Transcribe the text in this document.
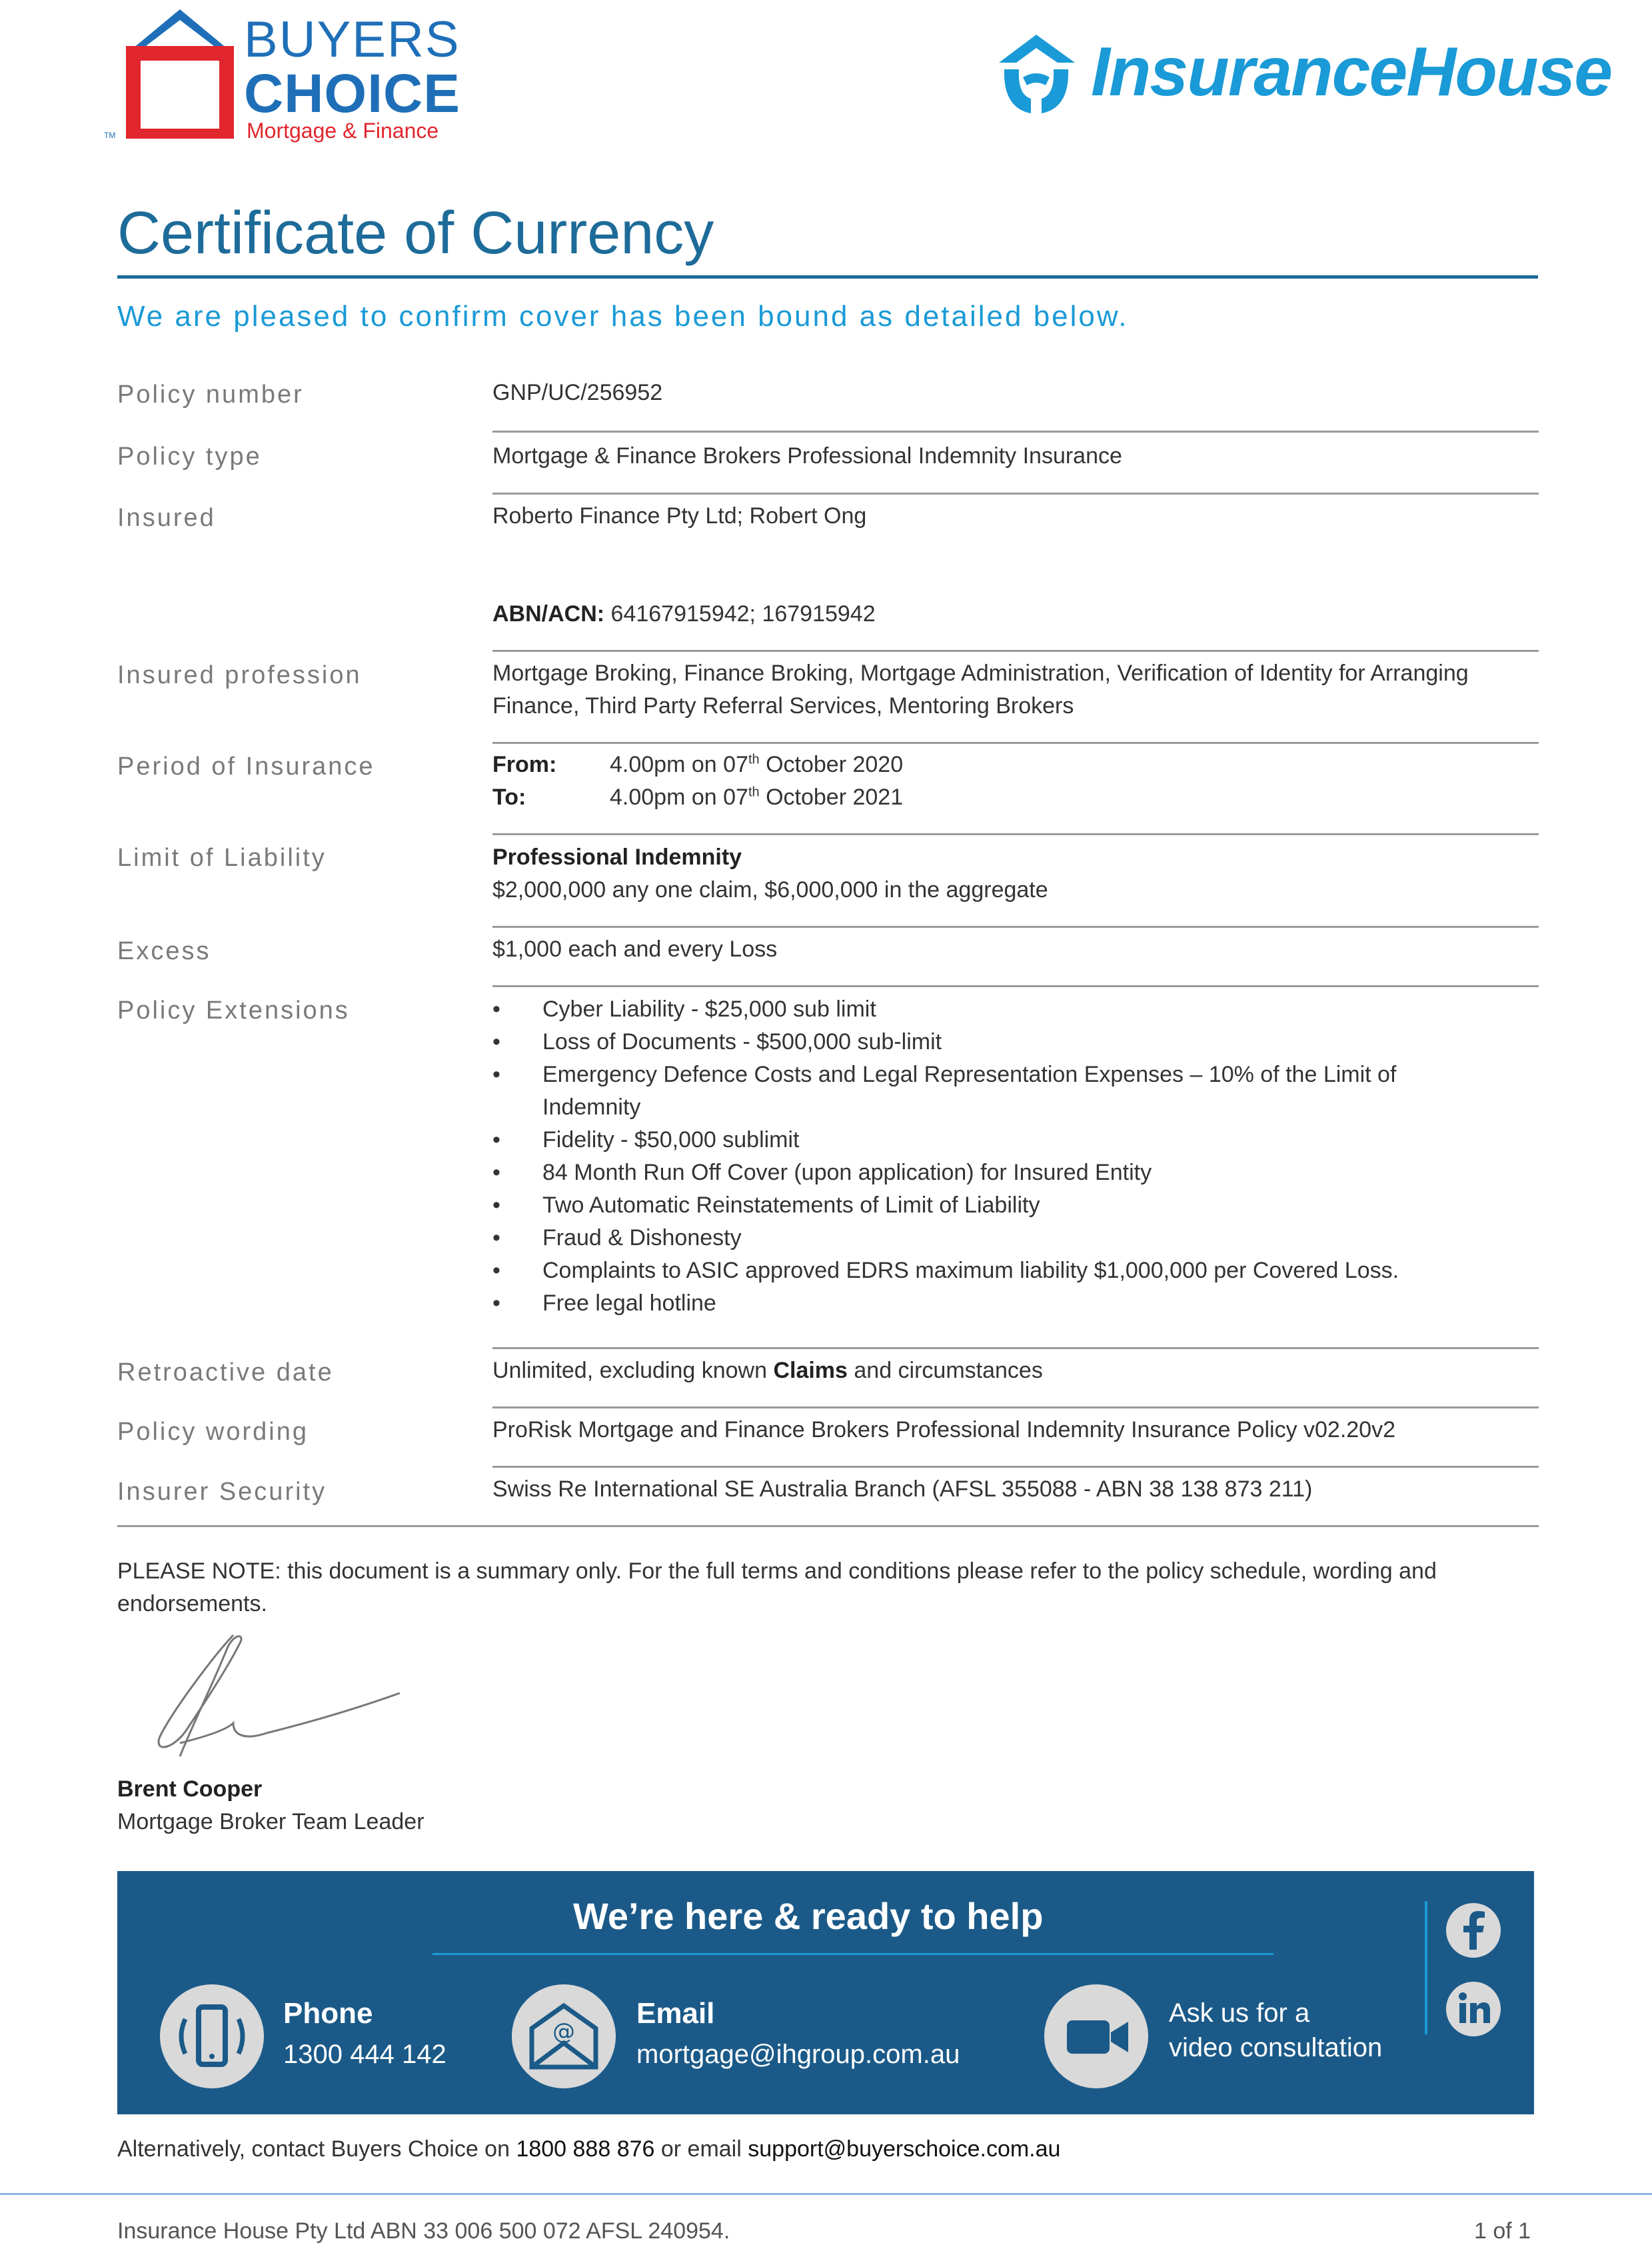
TM
BUYERS
CHOICE
Mortgage & Finance
InsuranceHouse
Certificate of Currency
We are pleased to confirm cover has been bound as detailed below.
Policy number	GNP/UC/256952
Policy type	Mortgage & Finance Brokers Professional Indemnity Insurance
Insured	Roberto Finance Pty Ltd; Robert Ong
ABN/ACN: 64167915942; 167915942
Insured profession	Mortgage Broking, Finance Broking, Mortgage Administration, Verification of Identity for Arranging Finance, Third Party Referral Services, Mentoring Brokers
Period of Insurance	From: 4.00pm on 07th October 2020
To:	4.00pm on 07th October 2021
Limit of Liability	Professional Indemnity
$2,000,000 any one claim, $6,000,000 in the aggregate
Excess	$1,000 each and every Loss
Policy Extensions
•	Cyber Liability - $25,000 sub limit
• Loss of Documents - $500,000 sub-limit
• Emergency Defence Costs and Legal Representation Expenses – 10% of the Limit of Indemnity
• Fidelity - $50,000 sublimit
• 84 Month Run Off Cover (upon application) for Insured Entity
• Two Automatic Reinstatements of Limit of Liability
• Fraud & Dishonesty
• Complaints to ASIC approved EDRS maximum liability $1,000,000 per Covered Loss.
• Free legal hotline
Retroactive date	Unlimited, excluding known Claims and circumstances
Policy wording	ProRisk Mortgage and Finance Brokers Professional Indemnity Insurance Policy v02.20v2
Insurer Security	Swiss Re International SE Australia Branch (AFSL 355088 - ABN 38 138 873 211)
PLEASE NOTE: this document is a summary only. For the full terms and conditions please refer to the policy schedule, wording and endorsements.
Brent Cooper
Mortgage Broker Team Leader
We’re here & ready to help
Phone
1300 444 142
@
Email
mortgage@ihgroup.com.au
Ask us for a
video consultation
Alternatively, contact Buyers Choice on 1800 888 876 or email support@buyerschoice.com.au
Insurance House Pty Ltd ABN 33 006 500 072 AFSL 240954.	1 of 1
